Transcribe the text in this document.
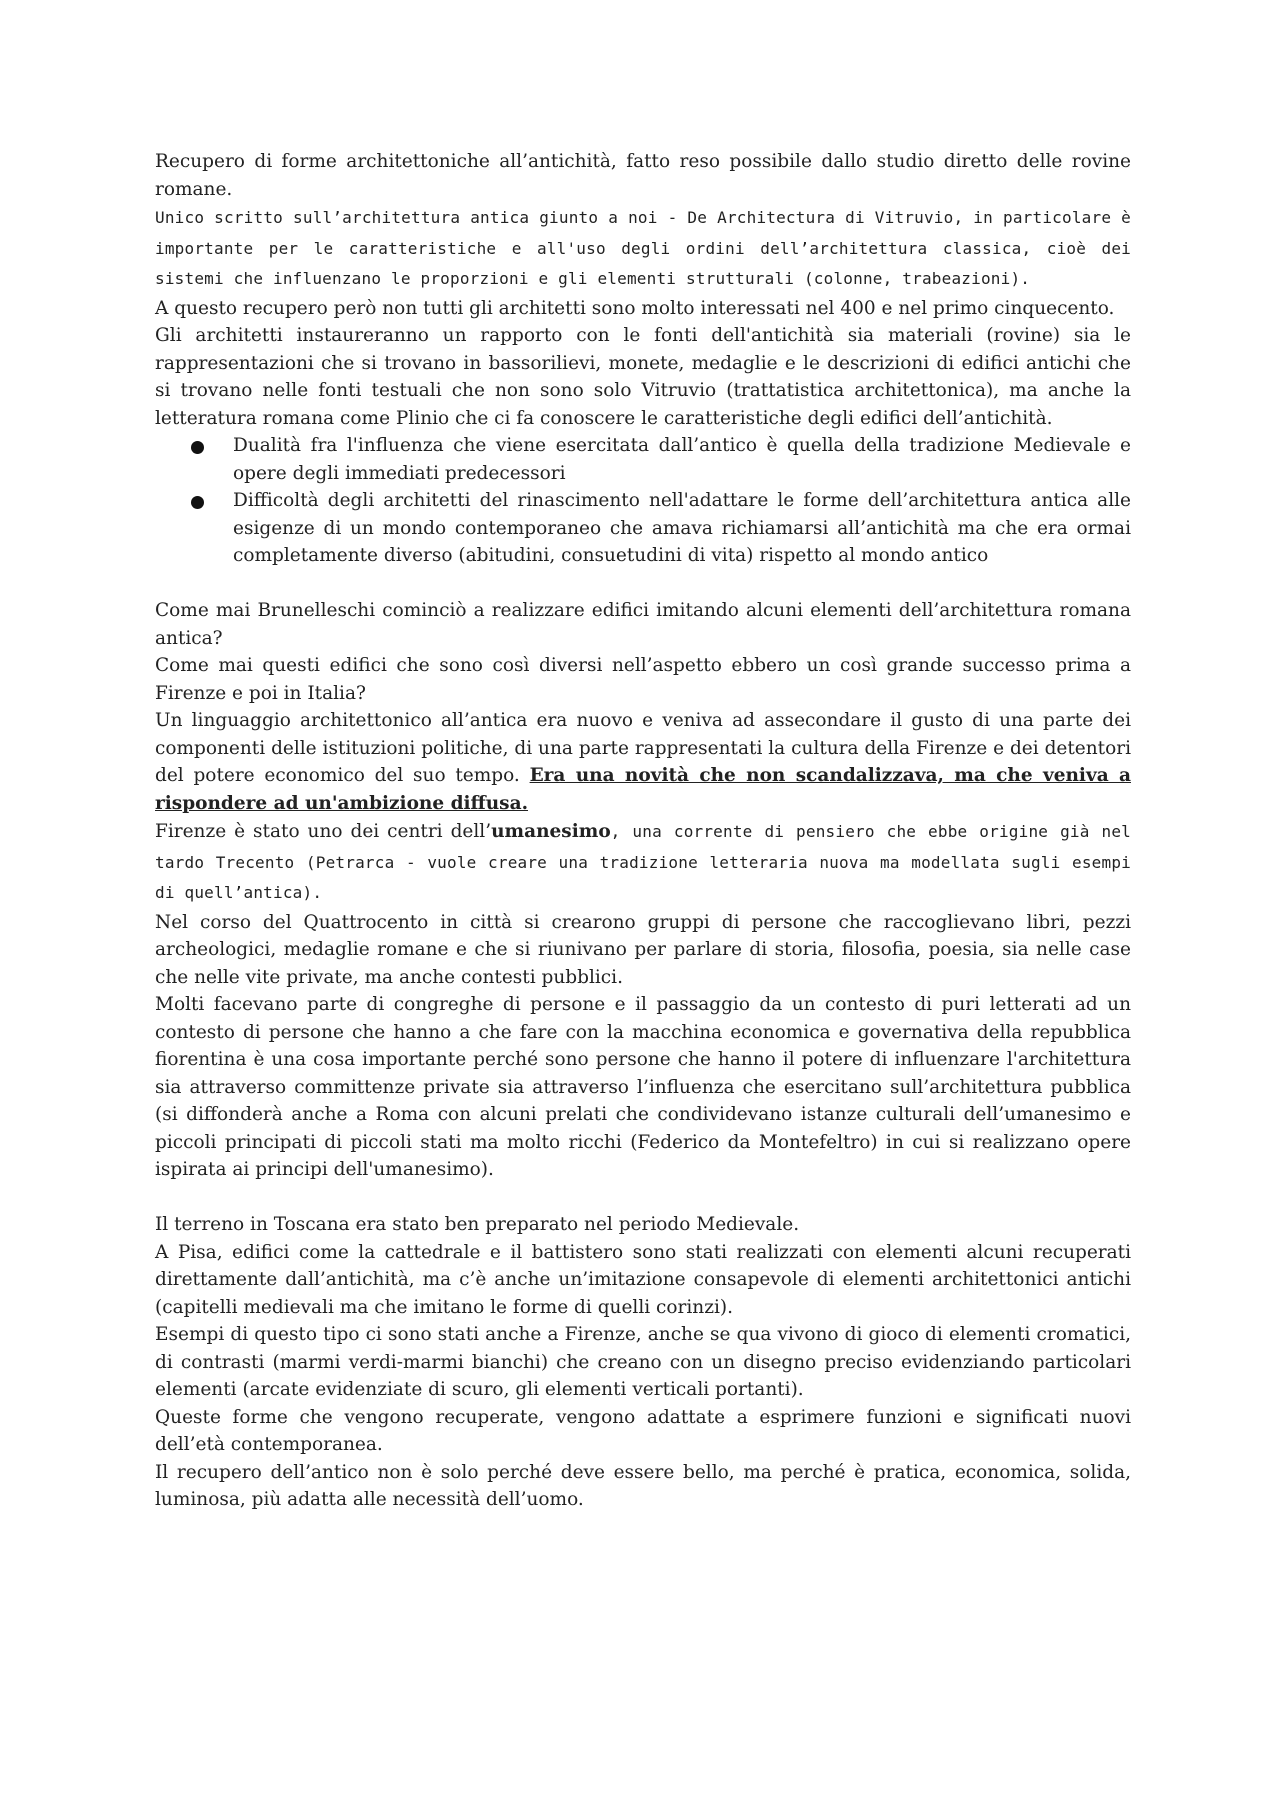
Recupero di forme architettoniche all’antichità, fatto reso possibile dallo studio diretto delle rovine romane.

Unico scritto sull’architettura antica giunto a noi - De Architectura di Vitruvio, in particolare è importante per le caratteristiche e all'uso degli ordini dell’architettura classica, cioè dei sistemi che influenzano le proporzioni e gli elementi strutturali (colonne, trabeazioni).

A questo recupero però non tutti gli architetti sono molto interessati nel 400 e nel primo cinquecento.

Gli architetti instaureranno un rapporto con le fonti dell'antichità sia materiali (rovine) sia le rappresentazioni che si trovano in bassorilievi, monete, medaglie e le descrizioni di edifici antichi che si trovano nelle fonti testuali che non sono solo Vitruvio (trattatistica architettonica), ma anche la letteratura romana come Plinio che ci fa conoscere le caratteristiche degli edifici dell’antichità.

Dualità fra l'influenza che viene esercitata dall’antico è quella della tradizione Medievale e opere degli immediati predecessori
Difficoltà degli architetti del rinascimento nell'adattare le forme dell’architettura antica alle esigenze di un mondo contemporaneo che amava richiamarsi all’antichità ma che era ormai completamente diverso (abitudini, consuetudini di vita) rispetto al mondo antico

Come mai Brunelleschi cominciò a realizzare edifici imitando alcuni elementi dell’architettura romana antica?

Come mai questi edifici che sono così diversi nell’aspetto ebbero un così grande successo prima a Firenze e poi in Italia?

Un linguaggio architettonico all’antica era nuovo e veniva ad assecondare il gusto di una parte dei componenti delle istituzioni politiche, di una parte rappresentati la cultura della Firenze e dei detentori del potere economico del suo tempo. Era una novità che non scandalizzava, ma che veniva a rispondere ad un'ambizione diffusa.

Firenze è stato uno dei centri dell’umanesimo, una corrente di pensiero che ebbe origine già nel tardo Trecento (Petrarca - vuole creare una tradizione letteraria nuova ma modellata sugli esempi di quell’antica).

Nel corso del Quattrocento in città si crearono gruppi di persone che raccoglievano libri, pezzi archeologici, medaglie romane e che si riunivano per parlare di storia, filosofia, poesia, sia nelle case che nelle vite private, ma anche contesti pubblici.

Molti facevano parte di congreghe di persone e il passaggio da un contesto di puri letterati ad un contesto di persone che hanno a che fare con la macchina economica e governativa della repubblica fiorentina è una cosa importante perché sono persone che hanno il potere di influenzare l'architettura sia attraverso committenze private sia attraverso l’influenza che esercitano sull’architettura pubblica (si diffonderà anche a Roma con alcuni prelati che condividevano istanze culturali dell’umanesimo e piccoli principati di piccoli stati ma molto ricchi (Federico da Montefeltro) in cui si realizzano opere ispirata ai principi dell'umanesimo).

Il terreno in Toscana era stato ben preparato nel periodo Medievale.

A Pisa, edifici come la cattedrale e il battistero sono stati realizzati con elementi alcuni recuperati direttamente dall’antichità, ma c’è anche un’imitazione consapevole di elementi architettonici antichi (capitelli medievali ma che imitano le forme di quelli corinzi).

Esempi di questo tipo ci sono stati anche a Firenze, anche se qua vivono di gioco di elementi cromatici, di contrasti (marmi verdi-marmi bianchi) che creano con un disegno preciso evidenziando particolari elementi (arcate evidenziate di scuro, gli elementi verticali portanti).

Queste forme che vengono recuperate, vengono adattate a esprimere funzioni e significati nuovi dell’età contemporanea.

Il recupero dell’antico non è solo perché deve essere bello, ma perché è pratica, economica, solida, luminosa, più adatta alle necessità dell’uomo.
